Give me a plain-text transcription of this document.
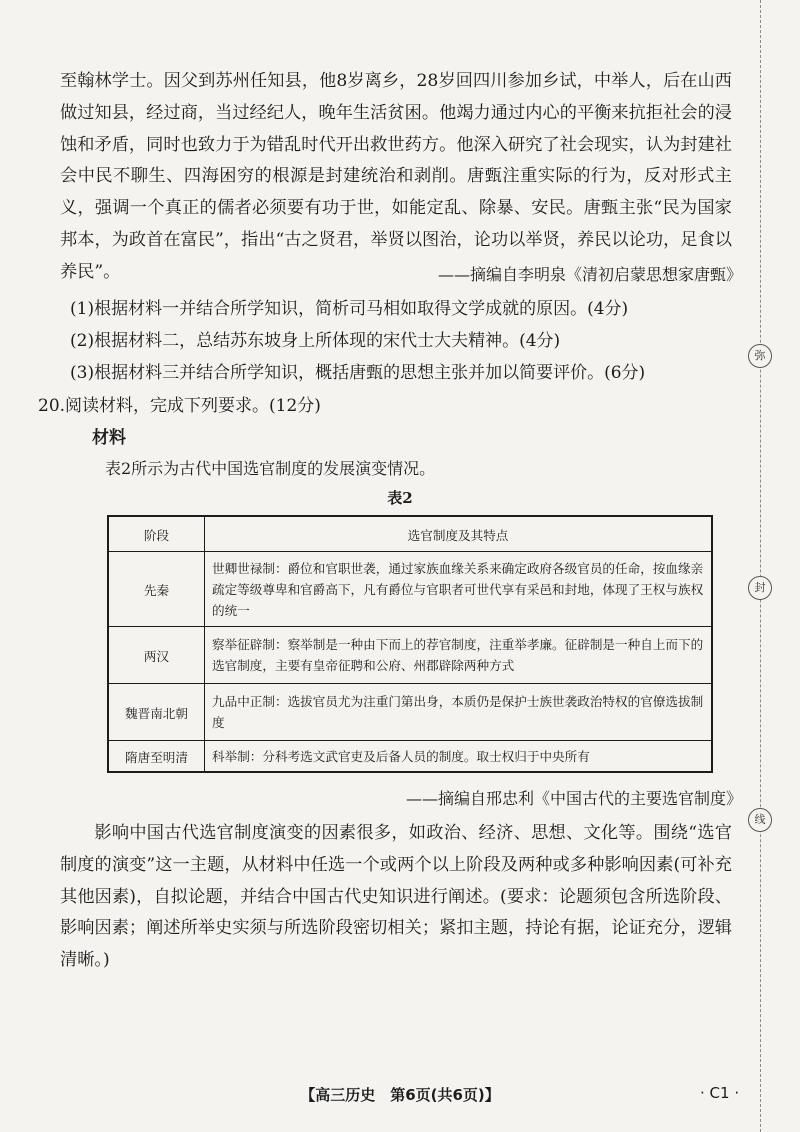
至翰林学士。因父到苏州任知县，他8岁离乡，28岁回四川参加乡试，中举人，后在山西做过知县，经过商，当过经纪人，晚年生活贫困。他竭力通过内心的平衡来抗拒社会的浸蚀和矛盾，同时也致力于为错乱时代开出救世药方。他深入研究了社会现实，认为封建社会中民不聊生、四海困穷的根源是封建统治和剥削。唐甄注重实际的行为，反对形式主义，强调一个真正的儒者必须要有功于世，如能定乱、除暴、安民。唐甄主张“民为国家邦本，为政首在富民”，指出“古之贤君，举贤以图治，论功以举贤，养民以论功，足食以养民”。	——摘编自李明泉《清初启蒙思想家唐甄》
(1)根据材料一并结合所学知识，简析司马相如取得文学成就的原因。(4分)
(2)根据材料二，总结苏东坡身上所体现的宋代士大夫精神。(4分)
(3)根据材料三并结合所学知识，概括唐甄的思想主张并加以简要评价。(6分)
20.阅读材料，完成下列要求。(12分)
材料
表2所示为古代中国选官制度的发展演变情况。
表2
阶段	选官制度及其特点
先秦	世卿世禄制：爵位和官职世袭，通过家族血缘关系来确定政府各级官员的任命，按血缘亲疏定等级尊卑和官爵高下，凡有爵位与官职者可世代享有采邑和封地，体现了王权与族权的统一
两汉	察举征辟制：察举制是一种由下而上的荐官制度，注重举孝廉。征辟制是一种自上而下的选官制度，主要有皇帝征聘和公府、州郡辟除两种方式
魏晋南北朝	九品中正制：选拔官员尤为注重门第出身，本质仍是保护士族世袭政治特权的官僚选拔制度
隋唐至明清	科举制：分科考选文武官吏及后备人员的制度。取士权归于中央所有
——摘编自邢忠利《中国古代的主要选官制度》

影响中国古代选官制度演变的因素很多，如政治、经济、思想、文化等。围绕“选官制度的演变”这一主题，从材料中任选一个或两个以上阶段及两种或多种影响因素(可补充其他因素)，自拟论题，并结合中国古代史知识进行阐述。(要求：论题须包含所选阶段、影响因素；阐述所举史实须与所选阶段密切相关；紧扣主题，持论有据，论证充分，逻辑清晰。)

弥
封
线
【高三历史　第6页(共6页)】	· C1 ·
